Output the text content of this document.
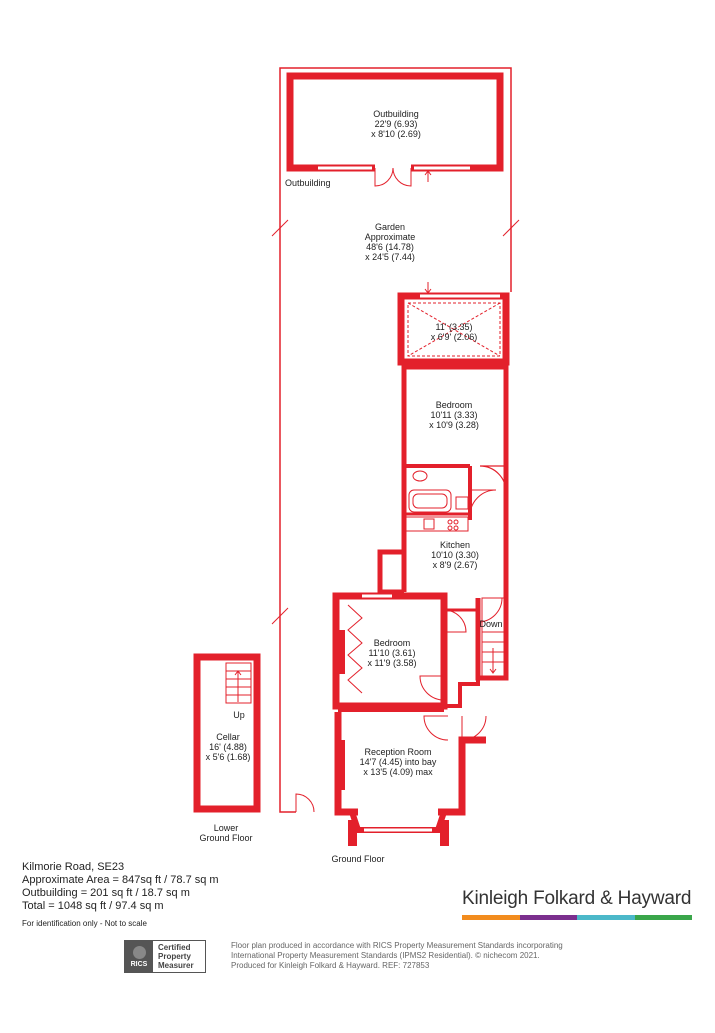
Outbuilding
22'9 (6.93)
x 8'10 (2.69)
Garden
Approximate
48'6 (14.78)
x 24'5 (7.44)
11' (3.35)
x 6'9' (2.06)
Bedroom
10'11 (3.33)
x 10'9 (3.28)
Kitchen
10'10 (3.30)
x 8'9 (2.67)
Bedroom
11'10 (3.61)
x 11'9 (3.58)
Reception Room
14'7 (4.45) into bay
x 13'5 (4.09) max
Cellar
16' (4.88)
x 5'6 (1.68)
Up
Down
Lower
Ground Floor
Ground Floor
Outbuilding
Kilmorie Road, SE23
Approximate Area = 847sq ft / 78.7 sq m
Outbuilding = 201 sq ft / 18.7 sq m
Total = 1048 sq ft / 97.4 sq m
For identification only - Not to scale
Kinleigh Folkard & Hayward
RICS
Certified
Property
Measurer
Floor plan produced in accordance with RICS Property Measurement Standards incorporating
International Property Measurement Standards (IPMS2 Residential). © nichecom 2021.
Produced for Kinleigh Folkard & Hayward. REF: 727853
